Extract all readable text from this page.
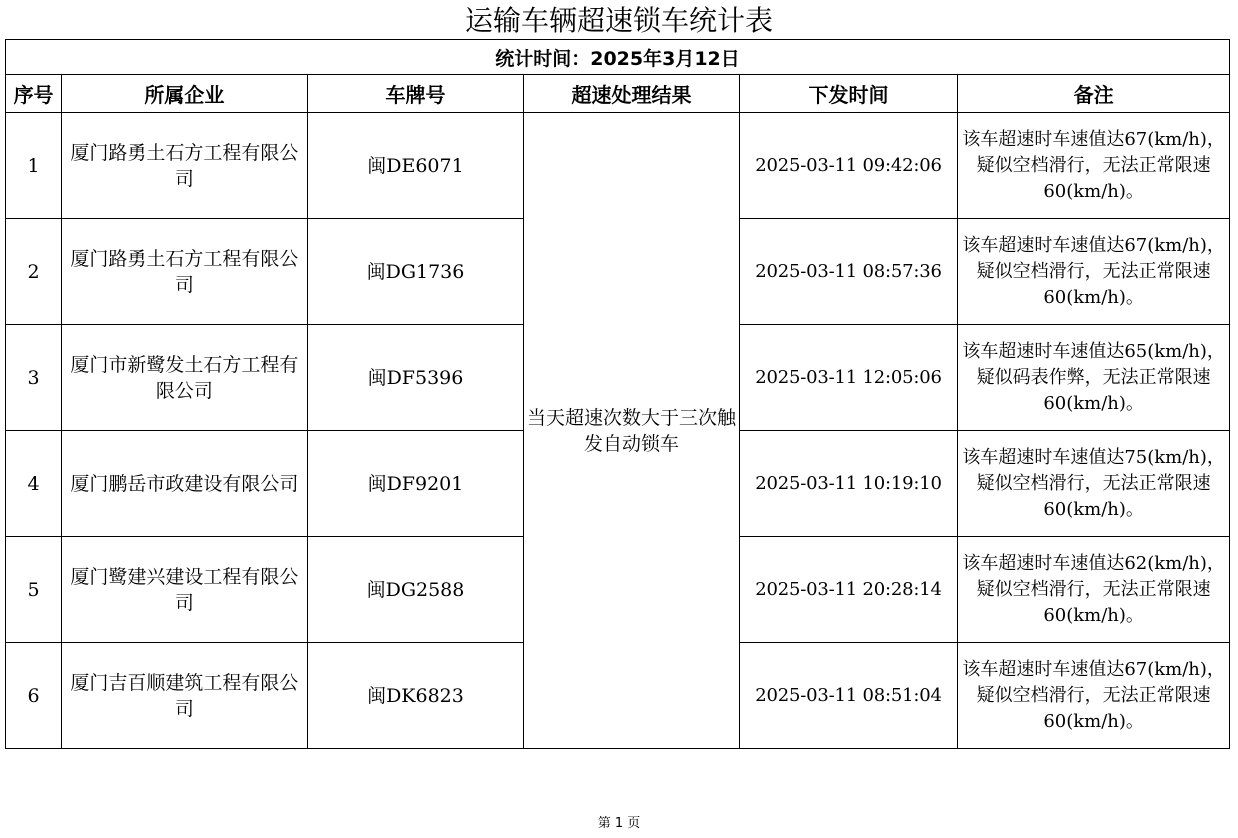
运输车辆超速锁车统计表
统计时间：2025年3月12日					
序号	所属企业	车牌号	超速处理结果	下发时间	备注
1	厦门路勇土石方工程有限公司	闽DE6071	当天超速次数大于三次触发自动锁车	2025-03-11 09:42:06	该车超速时车速值达67(km/h)，疑似空档滑行，无法正常限速60(km/h)。
2	厦门路勇土石方工程有限公司	闽DG1736		2025-03-11 08:57:36	该车超速时车速值达67(km/h)，疑似空档滑行，无法正常限速60(km/h)。
3	厦门市新鹭发土石方工程有限公司	闽DF5396		2025-03-11 12:05:06	该车超速时车速值达65(km/h)，疑似码表作弊，无法正常限速60(km/h)。
4	厦门鹏岳市政建设有限公司	闽DF9201		2025-03-11 10:19:10	该车超速时车速值达75(km/h)，疑似空档滑行，无法正常限速60(km/h)。
5	厦门鹭建兴建设工程有限公司	闽DG2588		2025-03-11 20:28:14	该车超速时车速值达62(km/h)，疑似空档滑行，无法正常限速60(km/h)。
6	厦门吉百顺建筑工程有限公司	闽DK6823		2025-03-11 08:51:04	该车超速时车速值达67(km/h)，疑似空档滑行，无法正常限速60(km/h)。
第 1 页
